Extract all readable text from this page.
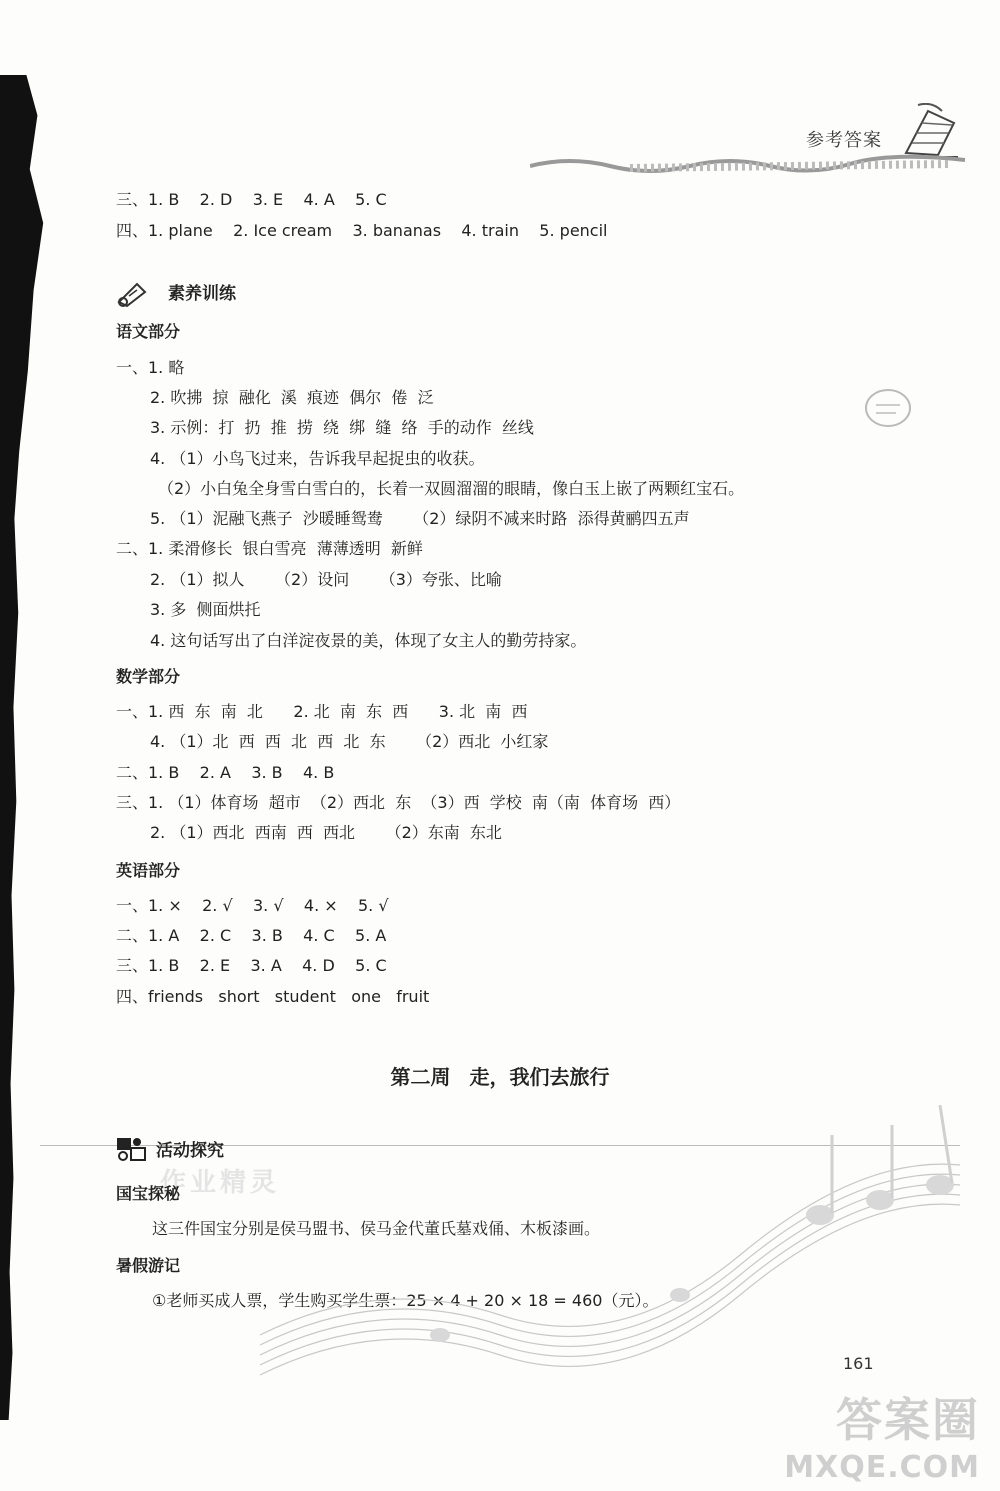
参考答案
三、1. B    2. D    3. E    4. A    5. C
四、1. plane    2. Ice cream    3. bananas    4. train    5. pencil
素养训练
语文部分
一、1. 略
2. 吹拂  掠  融化  溪  痕迹  偶尔  倦  泛
3. 示例：打  扔  推  捞  绕  绑  缝  络  手的动作  丝线
4. （1）小鸟飞过来，告诉我早起捉虫的收获。
（2）小白兔全身雪白雪白的，长着一双圆溜溜的眼睛，像白玉上嵌了两颗红宝石。
5. （1）泥融飞燕子  沙暖睡鸳鸯      （2）绿阴不减来时路  添得黄鹂四五声
二、1. 柔滑修长  银白雪亮  薄薄透明  新鲜
2. （1）拟人      （2）设问      （3）夸张、比喻
3. 多  侧面烘托
4. 这句话写出了白洋淀夜景的美，体现了女主人的勤劳持家。
数学部分
一、1. 西  东  南  北      2. 北  南  东  西      3. 北  南  西
4. （1）北  西  西  北  西  北  东      （2）西北  小红家
二、1. B    2. A    3. B    4. B
三、1. （1）体育场  超市  （2）西北  东  （3）西  学校  南（南  体育场  西）
2. （1）西北  西南  西  西北      （2）东南  东北
英语部分
一、1. ×    2. √    3. √    4. ×    5. √
二、1. A    2. C    3. B    4. C    5. A
三、1. B    2. E    3. A    4. D    5. C
四、friends   short   student   one   fruit
第二周 走，我们去旅行
活动探究
作业精灵
国宝探秘
这三件国宝分别是侯马盟书、侯马金代董氏墓戏俑、木板漆画。
暑假游记
①老师买成人票，学生购买学生票：25 × 4 + 20 × 18 = 460（元）。
161
答案圈
MXQE.COM
